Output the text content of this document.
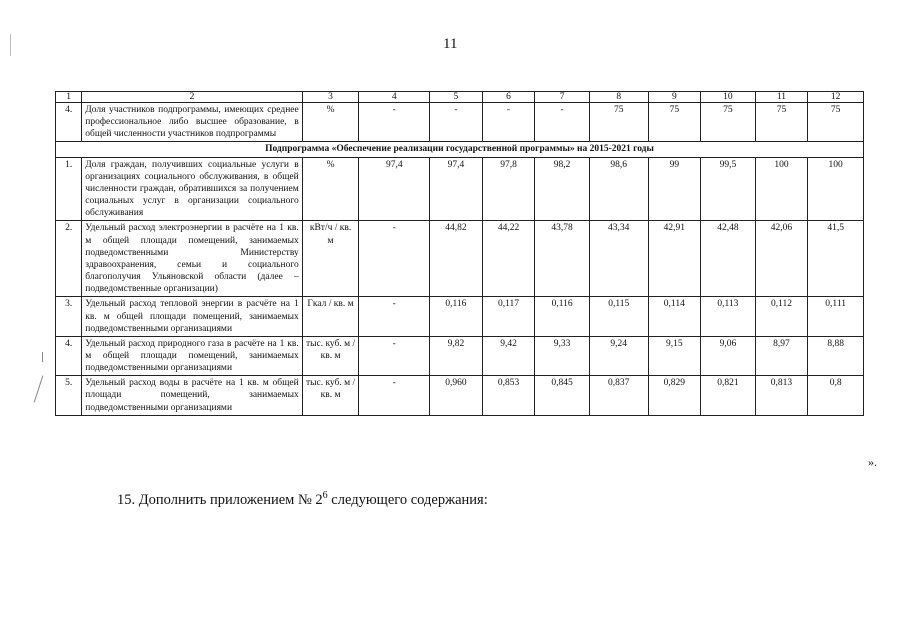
11
1	2	3	4	5	6	7	8	9	10	11	12
4.	Доля участников подпрограммы, имеющих среднее профессиональное либо высшее образование, в общей численности участников подпрограммы	%	-	-	-	-	75	75	75	75	75
Подпрограмма «Обеспечение реализации государственной программы» на 2015-2021 годы											
1.	Доля граждан, получивших социальные услуги в организациях социального обслуживания, в общей численности граждан, обратившихся за получением социальных услуг в организации социального обслуживания	%	97,4	97,4	97,8	98,2	98,6	99	99,5	100	100
2.	Удельный расход электроэнергии в расчёте на 1 кв. м общей площади помещений, занимаемых подведомственными Министерству здравоохранения, семьи и социального благополучия Ульяновской области (далее – подведомственные организации)	кВт/ч / кв. м	-	44,82	44,22	43,78	43,34	42,91	42,48	42,06	41,5
3.	Удельный расход тепловой энергии в расчёте на 1 кв. м общей площади помещений, занимаемых подведомственными организациями	Гкал / кв. м	-	0,116	0,117	0,116	0,115	0,114	0,113	0,112	0,111
4.	Удельный расход природного газа в расчёте на 1 кв. м общей площади помещений, занимаемых подведомственными организациями	тыс. куб. м / кв. м	-	9,82	9,42	9,33	9,24	9,15	9,06	8,97	8,88
5.	Удельный расход воды в расчёте на 1 кв. м общей площади помещений, занимаемых подведомственными организациями	тыс. куб. м / кв. м	-	0,960	0,853	0,845	0,837	0,829	0,821	0,813	0,8
».
15. Дополнить приложением № $2^6$ следующего содержания:
